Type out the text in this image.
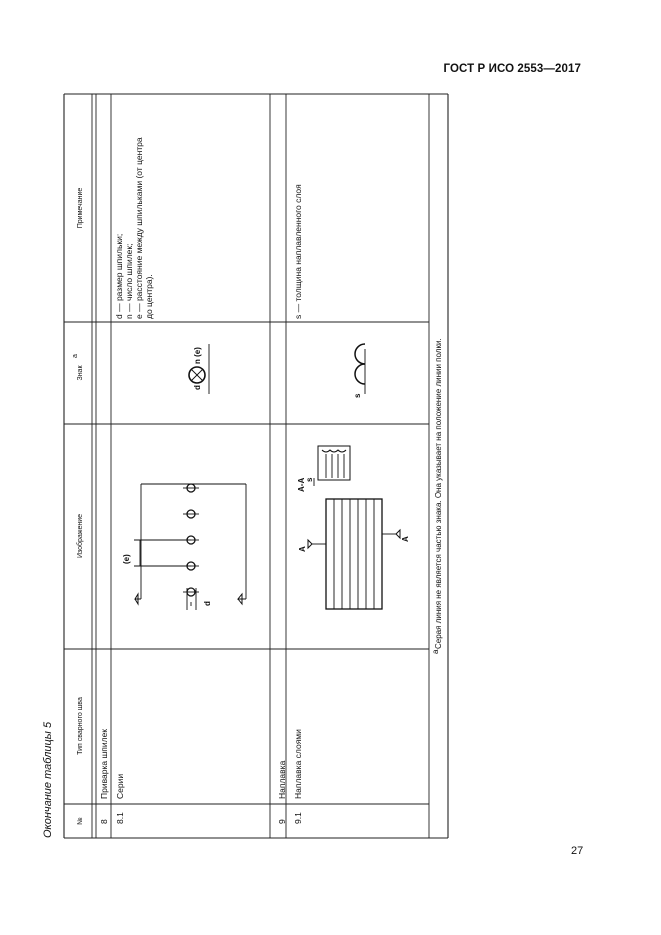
ГОСТ Р ИСО 2553—2017
Окончание таблицы 5	№
Тип сварного шва
Изображение
Знак
a
Примечание
8
Приварка шпилек
8.1
Серии
d — размер шпильки; n — число шпилек; e — расстояние между шпильками (от центра до центра).
(e)
d
d
n (e)
9
Наплавка
9.1
Наплавка слоями
s — толщина наплавленного слоя
А
А
А-А s
s
a
Серая линия не является частью знака. Она указывает на положение линии полки.
27
